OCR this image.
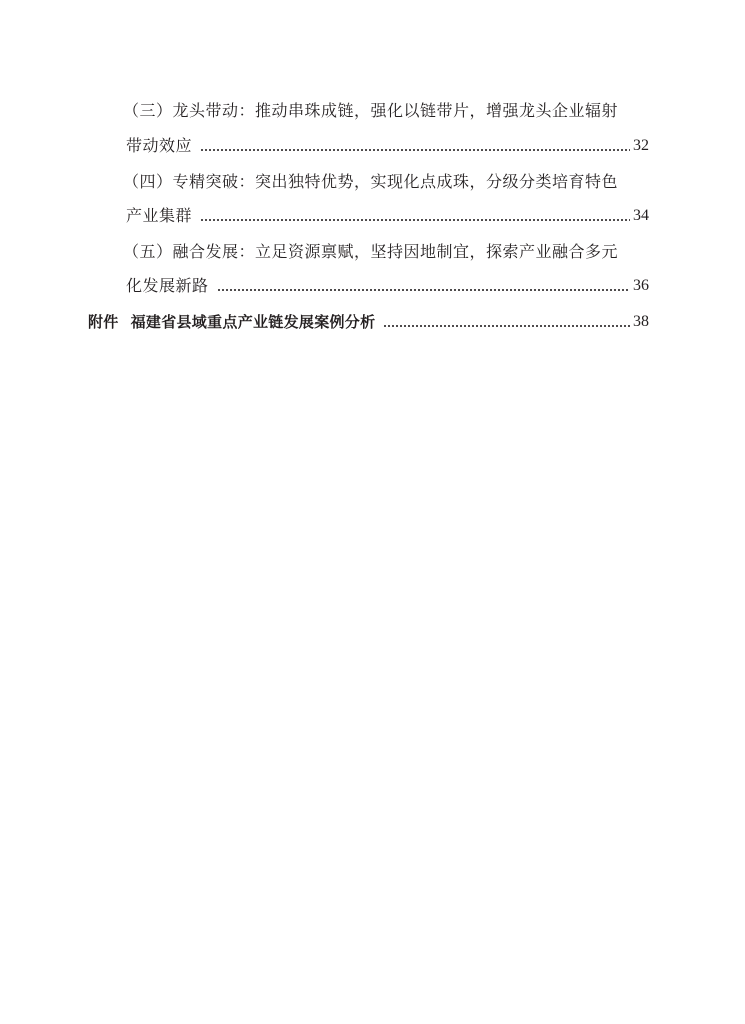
（三）龙头带动：推动串珠成链，强化以链带片，增强龙头企业辐射
带动效应	32
（四）专精突破：突出独特优势，实现化点成珠，分级分类培育特色
产业集群	34
（五）融合发展：立足资源禀赋，坚持因地制宜，探索产业融合多元
化发展新路	36
附件 福建省县域重点产业链发展案例分析	38
